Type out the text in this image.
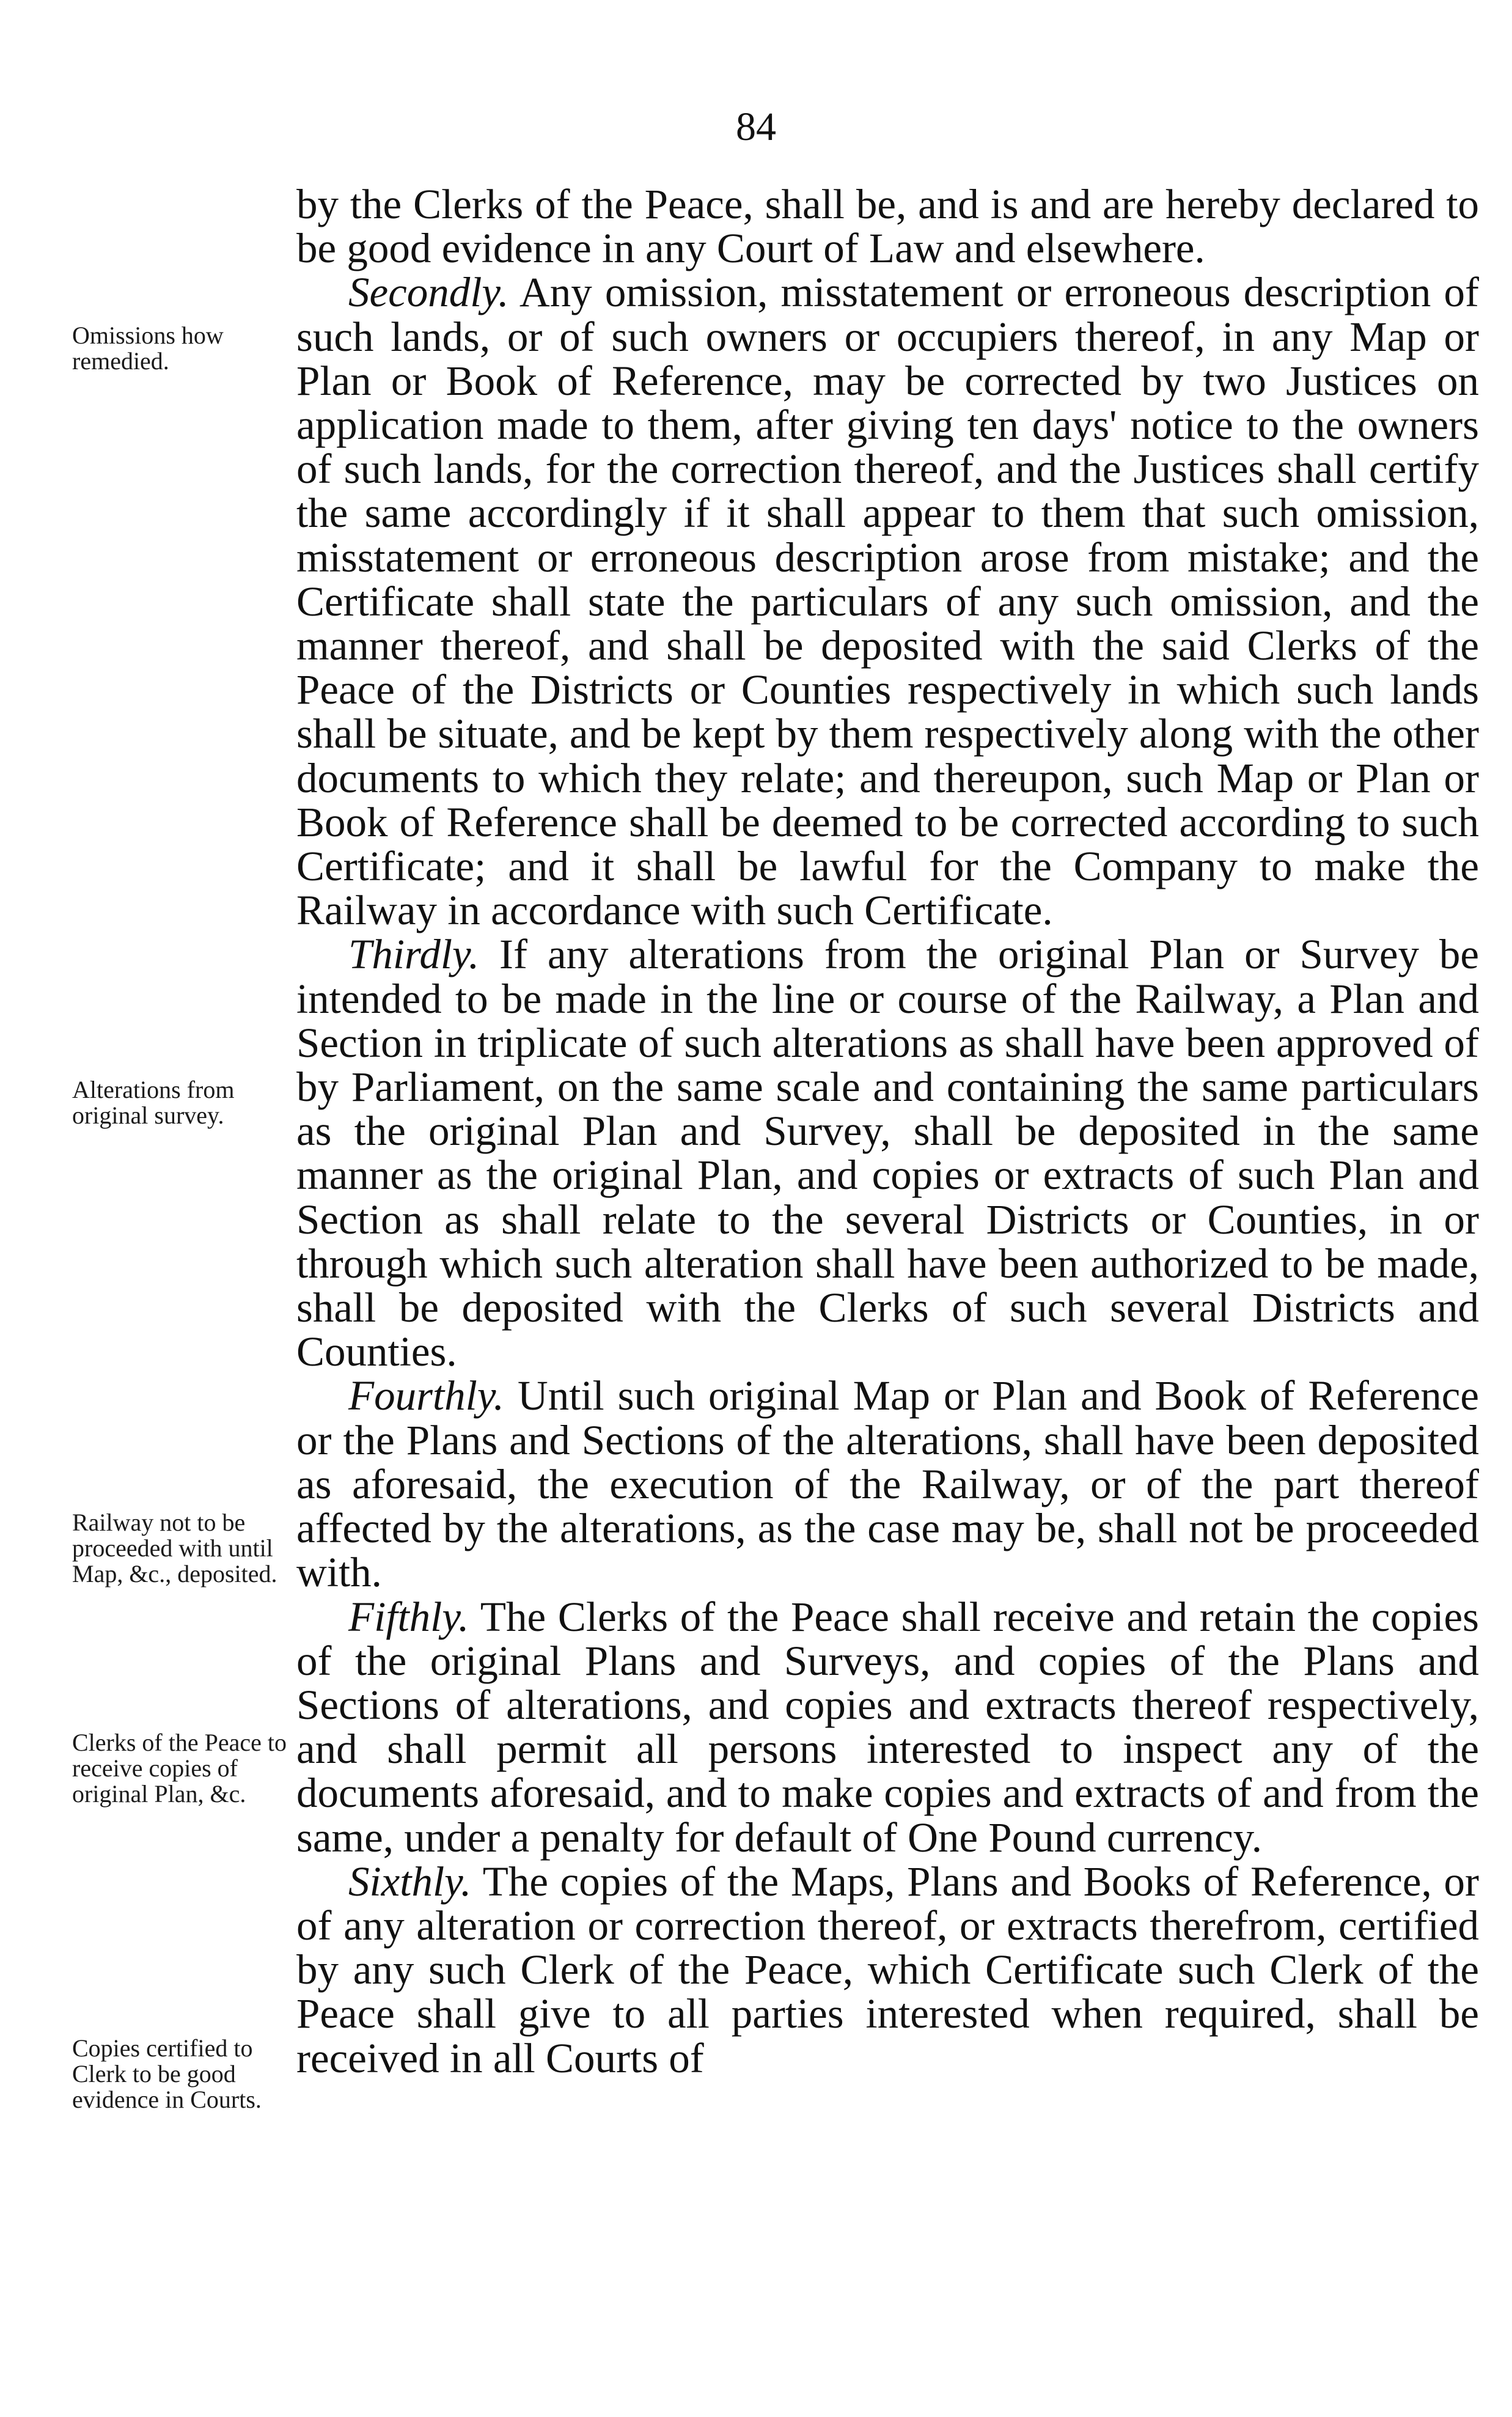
84
Omissions how remedied.
Alterations from original survey.
Railway not to be proceeded with until Map, &c., deposited.
Clerks of the Peace to receive copies of original Plan, &c.
Copies certified to Clerk to be good evidence in Courts.

by the Clerks of the Peace, shall be, and is and are hereby declared to be good evidence in any Court of Law and elsewhere.

Secondly. Any omission, misstatement or erroneous description of such lands, or of such owners or occupiers thereof, in any Map or Plan or Book of Reference, may be corrected by two Justices on application made to them, after giving ten days' notice to the owners of such lands, for the correction thereof, and the Justices shall certify the same accordingly if it shall appear to them that such omission, misstatement or erroneous description arose from mistake; and the Certificate shall state the particulars of any such omission, and the manner thereof, and shall be deposited with the said Clerks of the Peace of the Districts or Counties respectively in which such lands shall be situate, and be kept by them respectively along with the other documents to which they relate; and thereupon, such Map or Plan or Book of Reference shall be deemed to be corrected according to such Certificate; and it shall be lawful for the Company to make the Railway in accordance with such Certificate.

Thirdly. If any alterations from the original Plan or Survey be intended to be made in the line or course of the Railway, a Plan and Section in triplicate of such alterations as shall have been approved of by Parliament, on the same scale and containing the same particulars as the original Plan and Survey, shall be deposited in the same manner as the original Plan, and copies or extracts of such Plan and Section as shall relate to the several Districts or Counties, in or through which such alteration shall have been authorized to be made, shall be deposited with the Clerks of such several Districts and Counties.

Fourthly. Until such original Map or Plan and Book of Reference or the Plans and Sections of the alterations, shall have been deposited as aforesaid, the execution of the Railway, or of the part thereof affected by the alterations, as the case may be, shall not be proceeded with.

Fifthly. The Clerks of the Peace shall receive and retain the copies of the original Plans and Surveys, and copies of the Plans and Sections of alterations, and copies and extracts thereof respectively, and shall permit all persons interested to inspect any of the documents aforesaid, and to make copies and extracts of and from the same, under a penalty for default of One Pound currency.

Sixthly. The copies of the Maps, Plans and Books of Reference, or of any alteration or correction thereof, or extracts therefrom, certified by any such Clerk of the Peace, which Certificate such Clerk of the Peace shall give to all parties interested when required, shall be received in all Courts of
